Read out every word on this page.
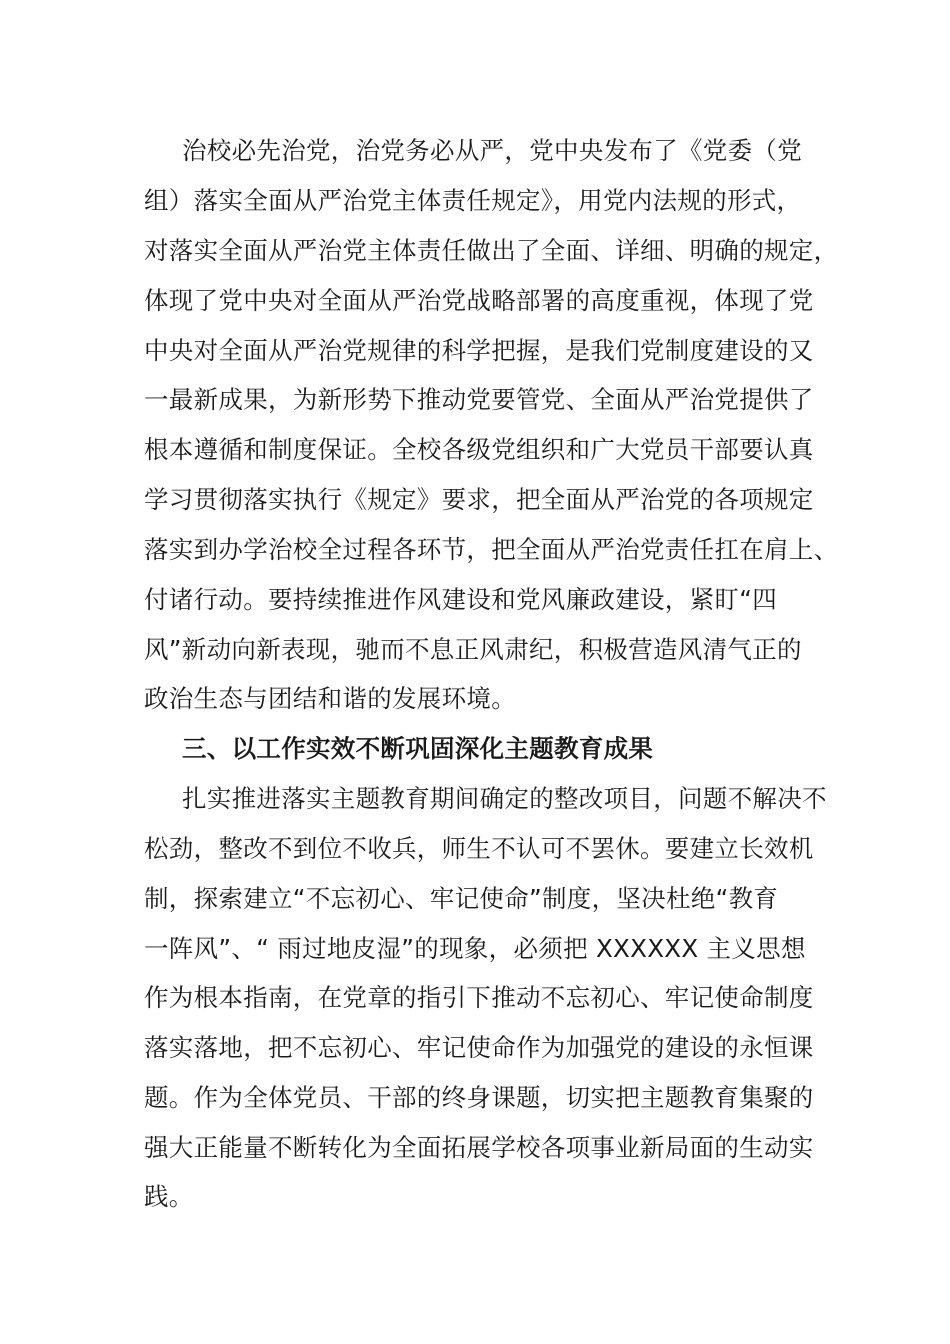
治校必先治党，治党务必从严，党中央发布了《党委（党
组）落实全面从严治党主体责任规定》，用党内法规的形式，
对落实全面从严治党主体责任做出了全面、详细、明确的规定，
体现了党中央对全面从严治党战略部署的高度重视，体现了党
中央对全面从严治党规律的科学把握，是我们党制度建设的又
一最新成果，为新形势下推动党要管党、全面从严治党提供了
根本遵循和制度保证。全校各级党组织和广大党员干部要认真
学习贯彻落实执行《规定》要求，把全面从严治党的各项规定
落实到办学治校全过程各环节，把全面从严治党责任扛在肩上、
付诸行动。要持续推进作风建设和党风廉政建设，紧盯“四
风”新动向新表现，驰而不息正风肃纪，积极营造风清气正的
政治生态与团结和谐的发展环境。
三、以工作实效不断巩固深化主题教育成果
扎实推进落实主题教育期间确定的整改项目，问题不解决不
松劲，整改不到位不收兵，师生不认可不罢休。要建立长效机
制，探索建立“不忘初心、牢记使命”制度，坚决杜绝“教育
一阵风”、“ 雨过地皮湿”的现象，必须把 XXXXXX 主义思想
作为根本指南，在党章的指引下推动不忘初心、牢记使命制度
落实落地，把不忘初心、牢记使命作为加强党的建设的永恒课
题。作为全体党员、干部的终身课题，切实把主题教育集聚的
强大正能量不断转化为全面拓展学校各项事业新局面的生动实
践。
